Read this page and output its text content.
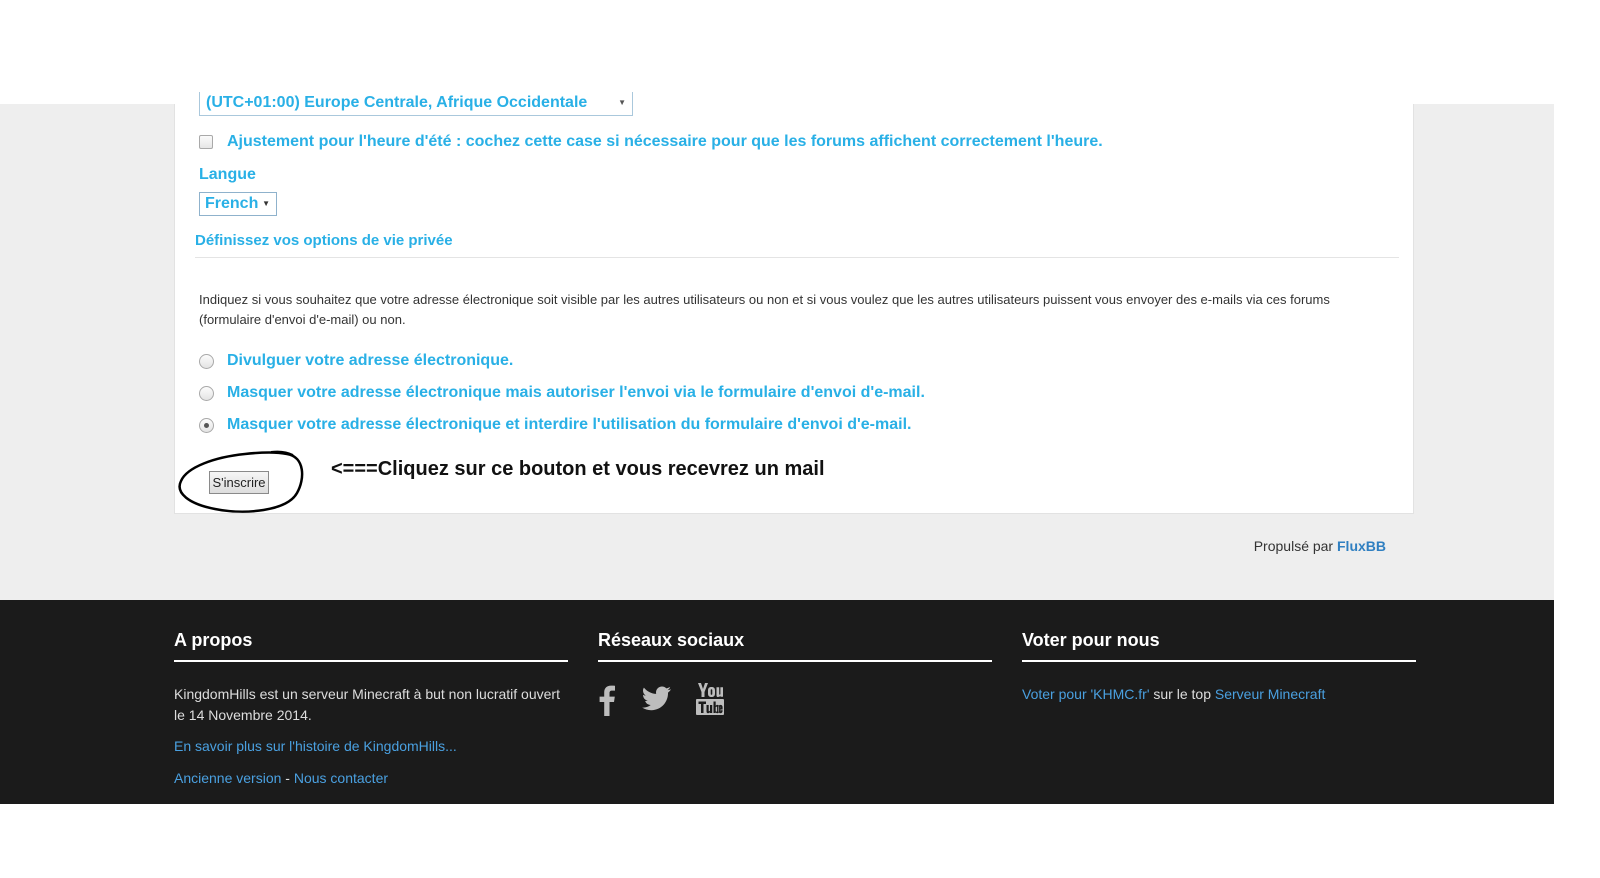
(UTC+01:00) Europe Centrale, Afrique Occidentale	▼
Ajustement pour l'heure d'été : cochez cette case si nécessaire pour que les forums affichent correctement l'heure.
Langue
French ▼
Définissez vos options de vie privée
Indiquez si vous souhaitez que votre adresse électronique soit visible par les autres utilisateurs ou non et si vous voulez que les autres utilisateurs puissent vous envoyer des e-mails via ces forums (formulaire d'envoi d'e-mail) ou non.
Divulguer votre adresse électronique.
Masquer votre adresse électronique mais autoriser l'envoi via le formulaire d'envoi d'e-mail.
Masquer votre adresse électronique et interdire l'utilisation du formulaire d'envoi d'e-mail.
S'inscrire
<===Cliquez sur ce bouton et vous recevrez un mail
Propulsé par FluxBB
A propos
KingdomHills est un serveur Minecraft à but non lucratif ouvert le 14 Novembre 2014.
En savoir plus sur l'histoire de KingdomHills...
Ancienne version - Nous contacter
Réseaux sociaux	Voter pour nous
Voter pour 'KHMC.fr' sur le top Serveur Minecraft
